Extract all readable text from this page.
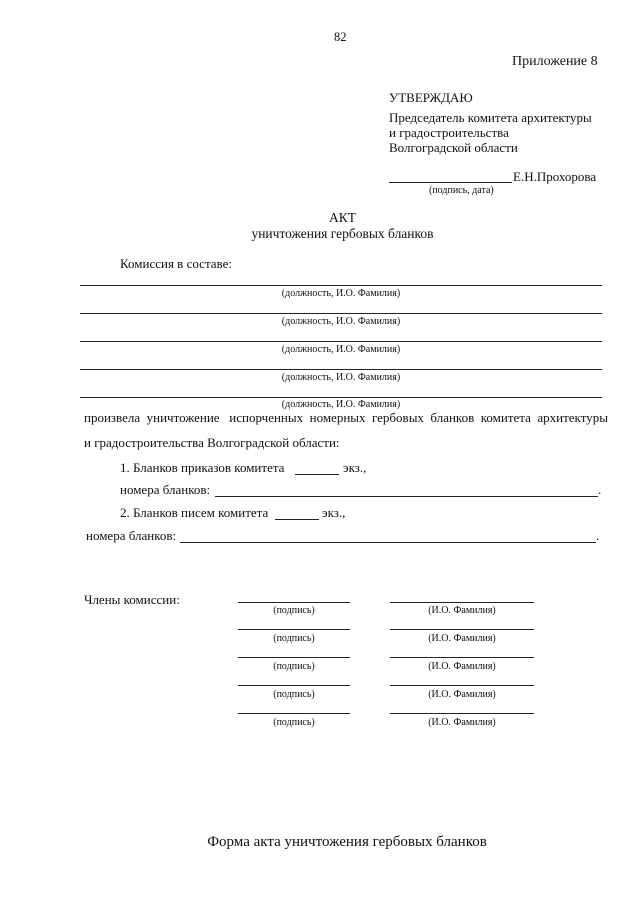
82
Приложение 8
УТВЕРЖДАЮ
Председатель комитета архитектуры
и градостроительства
Волгоградской области
Е.Н.Прохорова
(подпись, дата)
АКТ
уничтожения гербовых бланков
Комиссия в составе:
(должность, И.О. Фамилия)
(должность, И.О. Фамилия)
(должность, И.О. Фамилия)
(должность, И.О. Фамилия)
(должность, И.О. Фамилия)
произвела  уничтожение   испорченных  номерных  гербовых  бланков  комитета  архитектуры
и градостроительства Волгоградской области:
1. Бланков приказов комитета	экз.,
номера бланков:	.
2. Бланков писем комитета	экз.,
номера бланков:	.
Члены комиссии:
(подпись)	(И.О. Фамилия)
(подпись)	(И.О. Фамилия)
(подпись)	(И.О. Фамилия)
(подпись)	(И.О. Фамилия)
(подпись)	(И.О. Фамилия)
Форма акта уничтожения гербовых бланков
